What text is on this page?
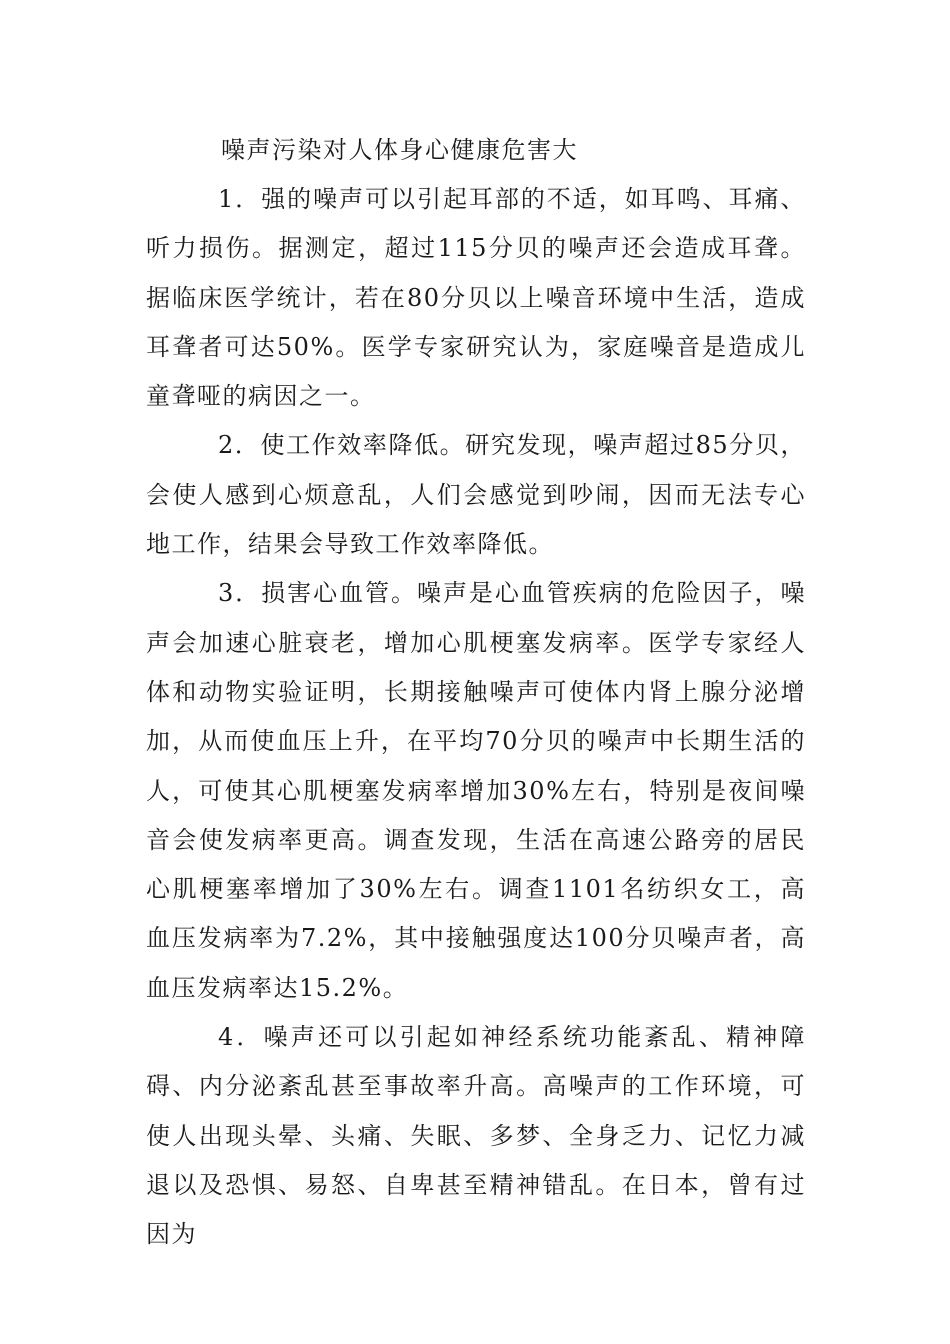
噪声污染对人体身心健康危害大

1．强的噪声可以引起耳部的不适，如耳鸣、耳痛、听力损伤。据测定，超过115分贝的噪声还会造成耳聋。据临床医学统计，若在80分贝以上噪音环境中生活，造成耳聋者可达50%。医学专家研究认为，家庭噪音是造成儿童聋哑的病因之一。

2．使工作效率降低。研究发现，噪声超过85分贝，会使人感到心烦意乱，人们会感觉到吵闹，因而无法专心地工作，结果会导致工作效率降低。

3．损害心血管。噪声是心血管疾病的危险因子，噪声会加速心脏衰老，增加心肌梗塞发病率。医学专家经人体和动物实验证明，长期接触噪声可使体内肾上腺分泌增加，从而使血压上升，在平均70分贝的噪声中长期生活的人，可使其心肌梗塞发病率增加30%左右，特别是夜间噪音会使发病率更高。调查发现，生活在高速公路旁的居民心肌梗塞率增加了30%左右。调查1101名纺织女工，高血压发病率为7.2%，其中接触强度达100分贝噪声者，高血压发病率达15.2%。

4．噪声还可以引起如神经系统功能紊乱、精神障碍、内分泌紊乱甚至事故率升高。高噪声的工作环境，可使人出现头晕、头痛、失眠、多梦、全身乏力、记忆力减退以及恐惧、易怒、自卑甚至精神错乱。在日本，曾有过因为
